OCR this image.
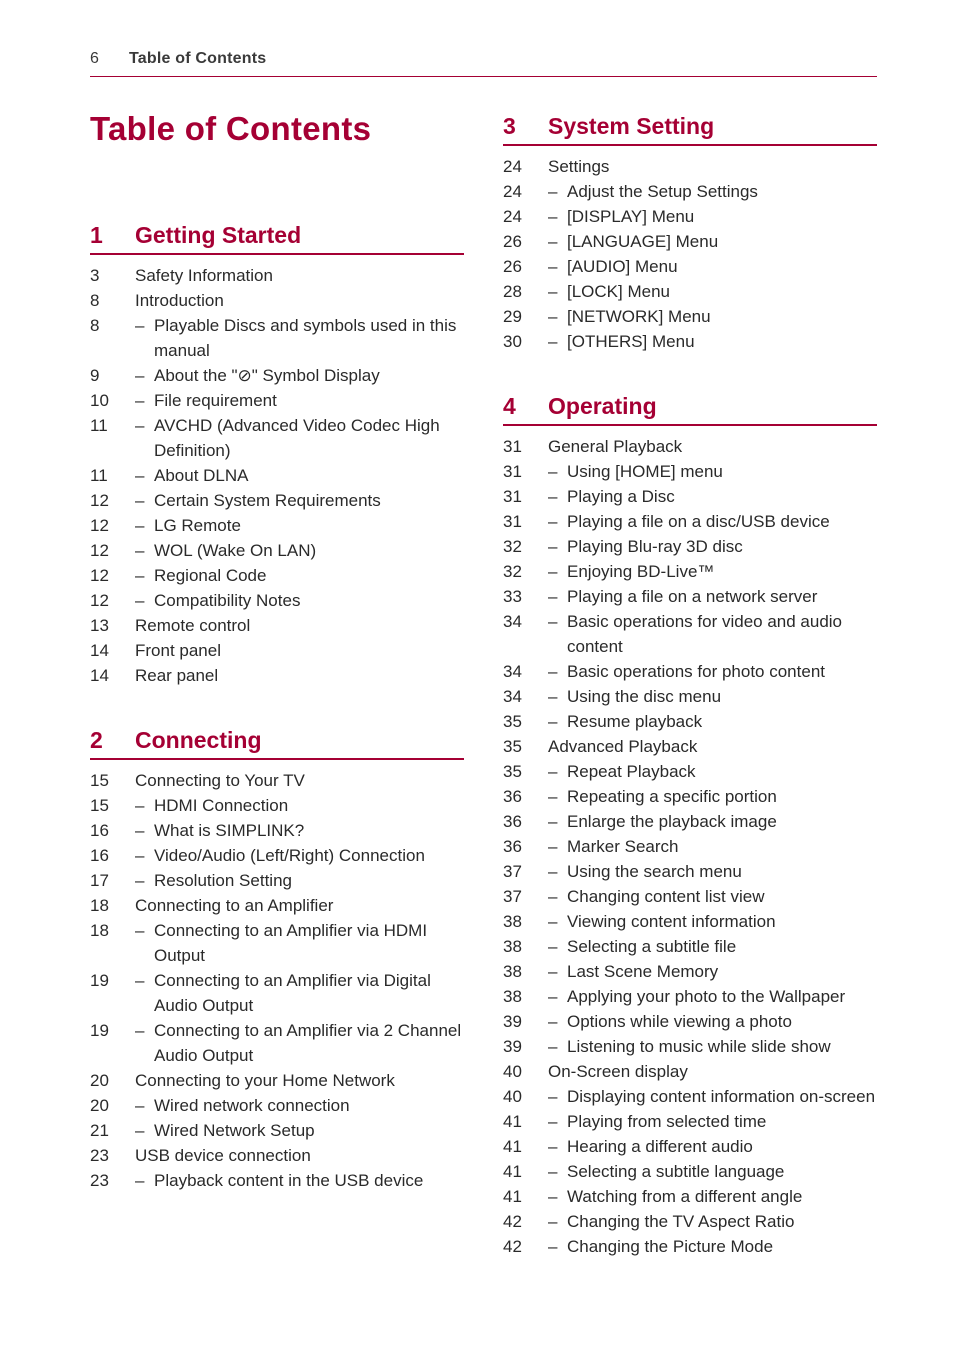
6 Table of Contents
Table of Contents
1 Getting Started
3	Safety Information
8	Introduction
8	– Playable Discs and symbols used in this manual
9	– About the "⊘" Symbol Display
10	– File requirement
11	– AVCHD (Advanced Video Codec High Definition)
11	– About DLNA
12	– Certain System Requirements
12	– LG Remote
12	– WOL (Wake On LAN)
12	– Regional Code
12	– Compatibility Notes
13	Remote control
14	Front panel
14	Rear panel
2 Connecting
15	Connecting to Your TV
15	– HDMI Connection
16	– What is SIMPLINK?
16	– Video/Audio (Left/Right) Connection
17	– Resolution Setting
18	Connecting to an Amplifier
18	– Connecting to an Amplifier via HDMI Output
19	– Connecting to an Amplifier via Digital Audio Output
19	– Connecting to an Amplifier via 2 Channel Audio Output
20	Connecting to your Home Network
20	– Wired network connection
21	– Wired Network Setup
23	USB device connection
23	– Playback content in the USB device
3 System Setting
24	Settings
24	– Adjust the Setup Settings
24	– [DISPLAY] Menu
26	– [LANGUAGE] Menu
26	– [AUDIO] Menu
28	– [LOCK] Menu
29	– [NETWORK] Menu
30	– [OTHERS] Menu
4 Operating
31	General Playback
31	– Using [HOME] menu
31	– Playing a Disc
31	– Playing a file on a disc/USB device
32	– Playing Blu-ray 3D disc
32	– Enjoying BD-Live™
33	– Playing a file on a network server
34	– Basic operations for video and audio content
34	– Basic operations for photo content
34	– Using the disc menu
35	– Resume playback
35	Advanced Playback
35	– Repeat Playback
36	– Repeating a specific portion
36	– Enlarge the playback image
36	– Marker Search
37	– Using the search menu
37	– Changing content list view
38	– Viewing content information
38	– Selecting a subtitle file
38	– Last Scene Memory
38	– Applying your photo to the Wallpaper
39	– Options while viewing a photo
39	– Listening to music while slide show
40	On-Screen display
40	– Displaying content information on-screen
41	– Playing from selected time
41	– Hearing a different audio
41	– Selecting a subtitle language
41	– Watching from a different angle
42	– Changing the TV Aspect Ratio
42	– Changing the Picture Mode
